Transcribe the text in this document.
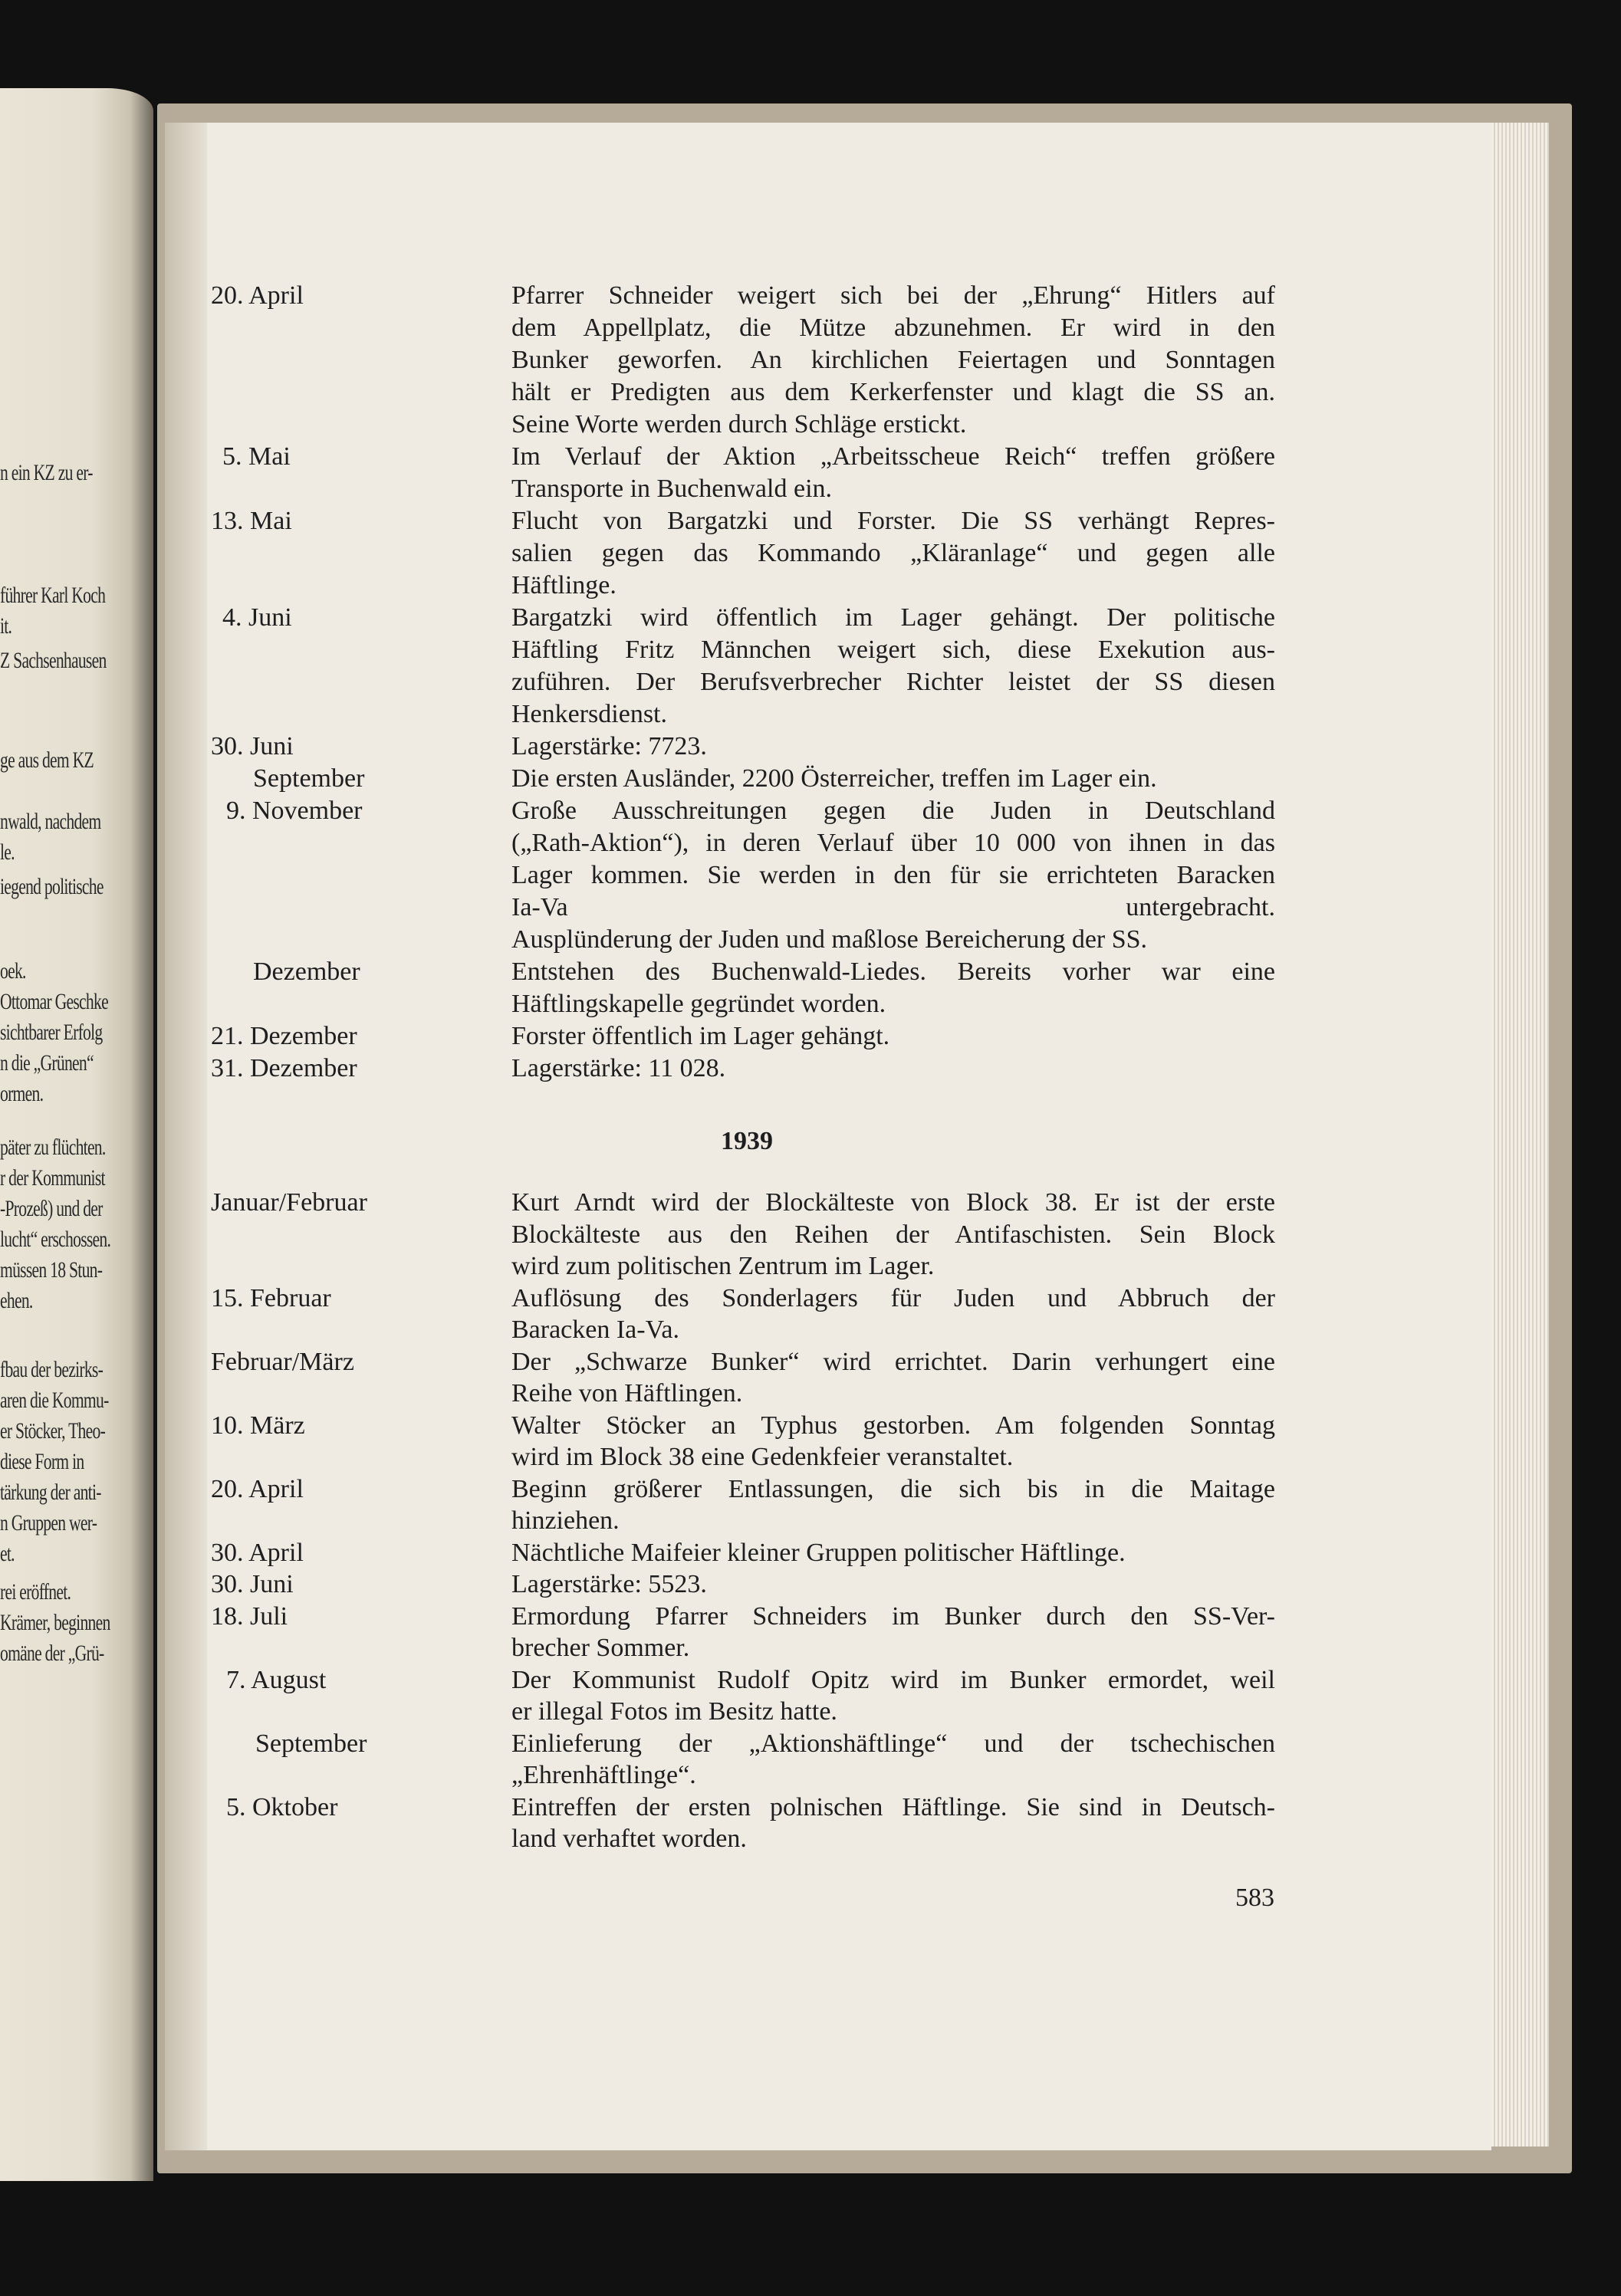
n ein KZ zu er-
führer Karl Koch
it.
Z Sachsenhausen
ge aus dem KZ
nwald, nachdem
le.
iegend politische
oek.
Ottomar Geschke
sichtbarer Erfolg
n die „Grünen“
ormen.
päter zu flüchten.
r der Kommunist
-Prozeß) und der
lucht“ erschossen.
müssen 18 Stun-
ehen.
fbau der bezirks-
aren die Kommu-
er Stöcker, Theo-
diese Form in
tärkung der anti-
n Gruppen wer-
et.
rei eröffnet.
Krämer, beginnen
omäne der „Grü-
20. April	Pfarrer Schneider weigert sich bei der „Ehrung“ Hitlers auf
dem Appellplatz, die Mütze abzunehmen. Er wird in den
Bunker geworfen. An kirchlichen Feiertagen und Sonntagen
hält er Predigten aus dem Kerkerfenster und klagt die SS an.
Seine Worte werden durch Schläge erstickt.
5. Mai	Im Verlauf der Aktion „Arbeitsscheue Reich“ treffen größere
Transporte in Buchenwald ein.
13. Mai	Flucht von Bargatzki und Forster. Die SS verhängt Repres-
salien gegen das Kommando „Kläranlage“ und gegen alle
Häftlinge.
4. Juni	Bargatzki wird öffentlich im Lager gehängt. Der politische
Häftling Fritz Männchen weigert sich, diese Exekution aus-
zuführen. Der Berufsverbrecher Richter leistet der SS diesen
Henkersdienst.
30. Juni	Lagerstärke: 7723.
September	Die ersten Ausländer, 2200 Österreicher, treffen im Lager ein.
9. November	Große Ausschreitungen gegen die Juden in Deutschland
(„Rath-Aktion“), in deren Verlauf über 10 000 von ihnen in das
Lager kommen. Sie werden in den für sie errichteten Baracken
Ia-Va untergebracht.
Ausplünderung der Juden und maßlose Bereicherung der SS.
Dezember	Entstehen des Buchenwald-Liedes. Bereits vorher war eine
Häftlingskapelle gegründet worden.
21. Dezember	Forster öffentlich im Lager gehängt.
31. Dezember	Lagerstärke: 11 028.
Januar/Februar	Kurt Arndt wird der Blockälteste von Block 38. Er ist der erste
Blockälteste aus den Reihen der Antifaschisten. Sein Block
wird zum politischen Zentrum im Lager.
15. Februar	Auflösung des Sonderlagers für Juden und Abbruch der
Baracken Ia-Va.
Februar/März	Der „Schwarze Bunker“ wird errichtet. Darin verhungert eine
Reihe von Häftlingen.
10. März	Walter Stöcker an Typhus gestorben. Am folgenden Sonntag
wird im Block 38 eine Gedenkfeier veranstaltet.
20. April	Beginn größerer Entlassungen, die sich bis in die Maitage
hinziehen.
30. April	Nächtliche Maifeier kleiner Gruppen politischer Häftlinge.
30. Juni	Lagerstärke: 5523.
18. Juli	Ermordung Pfarrer Schneiders im Bunker durch den SS-Ver-
brecher Sommer.
7. August	Der Kommunist Rudolf Opitz wird im Bunker ermordet, weil
er illegal Fotos im Besitz hatte.
September	Einlieferung der „Aktionshäftlinge“ und der tschechischen
„Ehrenhäftlinge“.
5. Oktober	Eintreffen der ersten polnischen Häftlinge. Sie sind in Deutsch-
land verhaftet worden.
1939
583
